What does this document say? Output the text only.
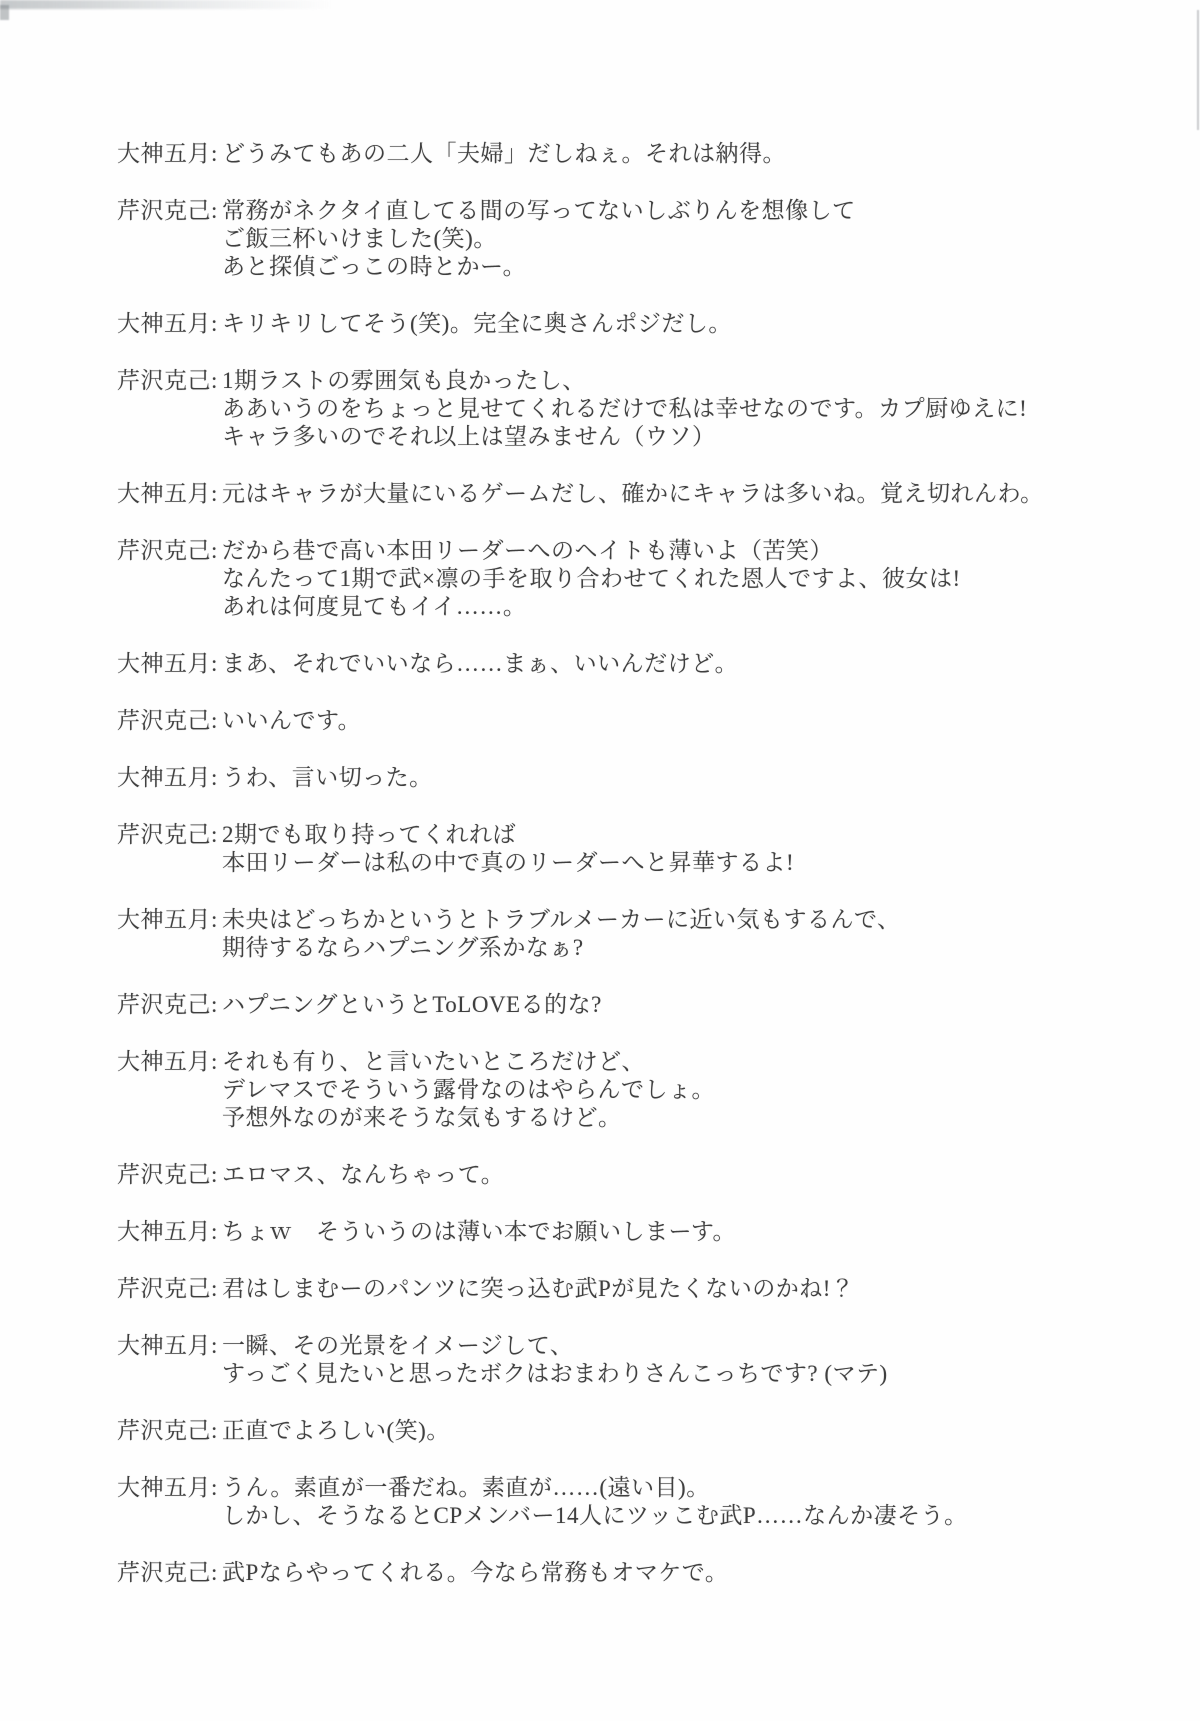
大神五月: どうみてもあの二人「夫婦」だしねぇ。それは納得。
芹沢克己: 常務がネクタイ直してる間の写ってないしぶりんを想像して
ご飯三杯いけました(笑)。
あと探偵ごっこの時とかー。
大神五月: キリキリしてそう(笑)。完全に奥さんポジだし。
芹沢克己: 1期ラストの雰囲気も良かったし、
ああいうのをちょっと見せてくれるだけで私は幸せなのです。カプ厨ゆえに!
キャラ多いのでそれ以上は望みません（ウソ）
大神五月: 元はキャラが大量にいるゲームだし、確かにキャラは多いね。覚え切れんわ。
芹沢克己: だから巷で高い本田リーダーへのヘイトも薄いよ（苦笑）
なんたって1期で武×凛の手を取り合わせてくれた恩人ですよ、彼女は!
あれは何度見てもイイ……。
大神五月: まあ、それでいいなら……まぁ、いいんだけど。
芹沢克己: いいんです。
大神五月: うわ、言い切った。
芹沢克己: 2期でも取り持ってくれれば
本田リーダーは私の中で真のリーダーへと昇華するよ!
大神五月: 未央はどっちかというとトラブルメーカーに近い気もするんで、
期待するならハプニング系かなぁ?
芹沢克己: ハプニングというとToLOVEる的な?
大神五月: それも有り、と言いたいところだけど、
デレマスでそういう露骨なのはやらんでしょ。
予想外なのが来そうな気もするけど。
芹沢克己: エロマス、なんちゃって。
大神五月: ちょｗ　そういうのは薄い本でお願いしまーす。
芹沢克己: 君はしまむーのパンツに突っ込む武Pが見たくないのかね!？
大神五月: 一瞬、その光景をイメージして、
すっごく見たいと思ったボクはおまわりさんこっちです? (マテ)
芹沢克己: 正直でよろしい(笑)。
大神五月: うん。素直が一番だね。素直が……(遠い目)。
しかし、そうなるとCPメンバー14人にツッこむ武P……なんか凄そう。
芹沢克己: 武Pならやってくれる。今なら常務もオマケで。
